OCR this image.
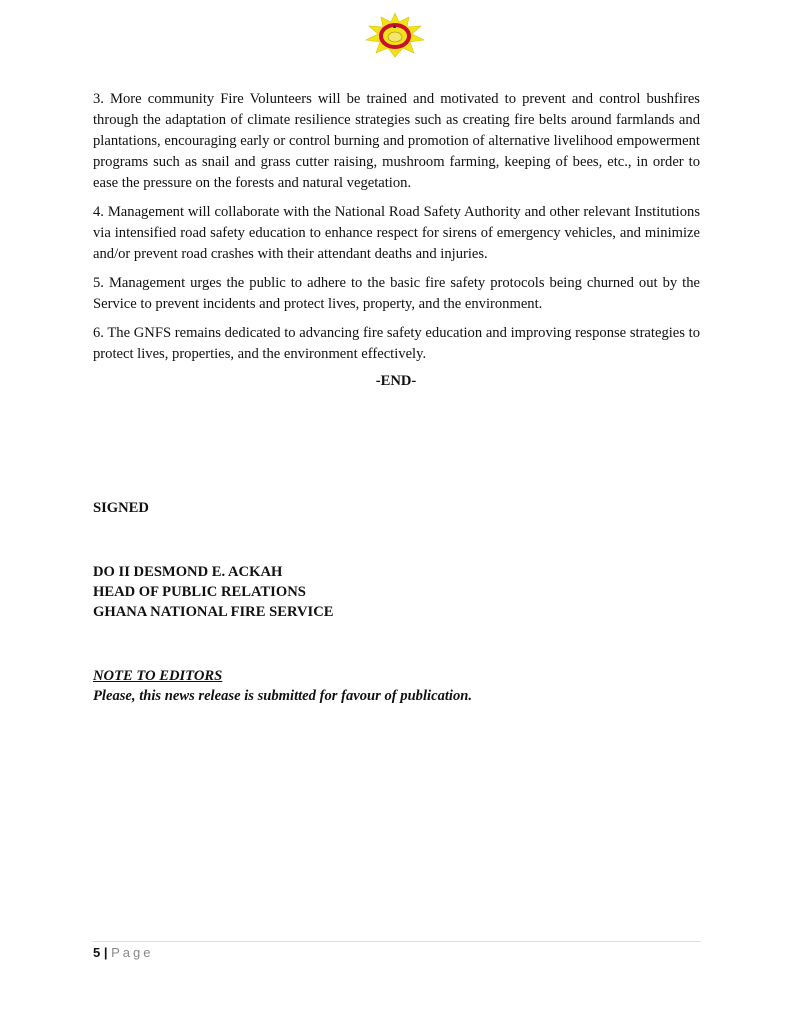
3. More community Fire Volunteers will be trained and motivated to prevent and control bushfires through the adaptation of climate resilience strategies such as creating fire belts around farmlands and plantations, encouraging early or control burning and promotion of alternative livelihood empowerment programs such as snail and grass cutter raising, mushroom farming, keeping of bees, etc., in order to ease the pressure on the forests and natural vegetation.

4. Management will collaborate with the National Road Safety Authority and other relevant Institutions via intensified road safety education to enhance respect for sirens of emergency vehicles, and minimize and/or prevent road crashes with their attendant deaths and injuries.

5. Management urges the public to adhere to the basic fire safety protocols being churned out by the Service to prevent incidents and protect lives, property, and the environment.

6. The GNFS remains dedicated to advancing fire safety education and improving response strategies to protect lives, properties, and the environment effectively.

-END-
SIGNED
DO II DESMOND E. ACKAH
HEAD OF PUBLIC RELATIONS
GHANA NATIONAL FIRE SERVICE
NOTE TO EDITORS
Please, this news release is submitted for favour of publication.
5 | Page
